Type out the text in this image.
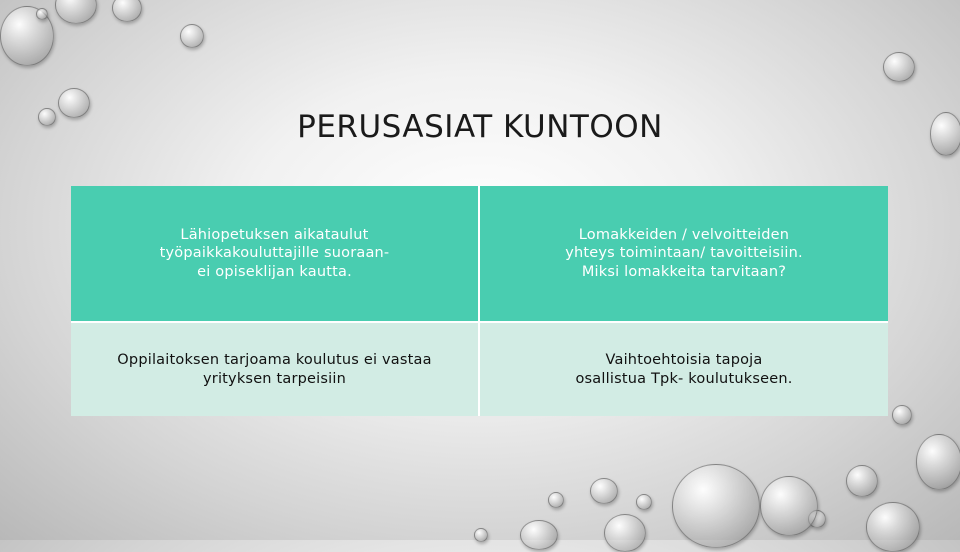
PERUSASIAT KUNTOON
Lähiopetuksen aikataulut
työpaikkakouluttajille suoraan-
ei opiseklijan kautta.
Lomakkeiden / velvoitteiden
yhteys toimintaan/ tavoitteisiin.
Miksi lomakkeita tarvitaan?
Oppilaitoksen tarjoama koulutus ei vastaa
yrityksen tarpeisiin
Vaihtoehtoisia tapoja
osallistua Tpk- koulutukseen.
